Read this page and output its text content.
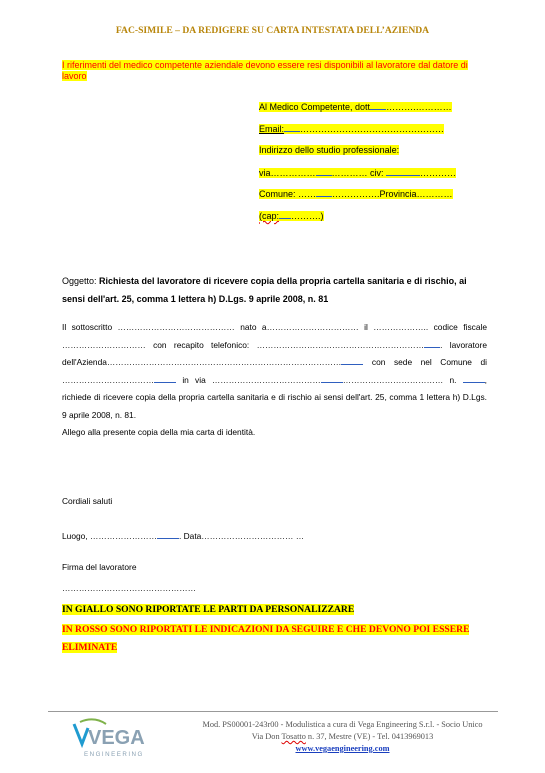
FAC-SIMILE – DA REDIGERE SU CARTA INTESTATA DELL’AZIENDA
I riferimenti del medico competente aziendale devono essere resi disponibili al lavoratore dal datore di lavoro
Al Medico Competente, dott ……….…………
Email: …………………………………………
Indirizzo dello studio professionale:
via…………… ………… civ:	…………
Comune: …… …………….Provincia…………
(cap: ……….)
Oggetto: Richiesta del lavoratore di ricevere copia della propria cartella sanitaria e di rischio, ai sensi dell'art. 25, comma 1 lettera h) D.Lgs. 9 aprile 2008, n. 81
Il sottoscritto …………………………………… nato a…………………………… il ……………….. codice fiscale ………………………… con recapito telefonico: …………………………………………………… . lavoratore dell'Azienda…………………………………………………………………………	con sede nel Comune di ……………………………	in via …………………………………	……………………………… n.	, richiede di ricevere copia della propria cartella sanitaria e di rischio ai sensi dell'art. 25, comma 1 lettera h) D.Lgs. 9 aprile 2008, n. 81.
Allego alla presente copia della mia carta di identità.
Cordiali saluti
Luogo, ……………………	. Data…………………………… …
Firma del lavoratore
…………………………………………
IN GIALLO SONO RIPORTATE LE PARTI DA PERSONALIZZARE
IN ROSSO SONO RIPORTATI LE INDICAZIONI DA SEGUIRE E CHE DEVONO POI ESSERE ELIMINATE
VEGA
ENGINEERING
Mod. PS00001-243r00 - Modulistica a cura di Vega Engineering S.r.l. - Socio Unico
Via Don Tosatto n. 37, Mestre (VE) - Tel. 0413969013
www.vegaengineering.com
